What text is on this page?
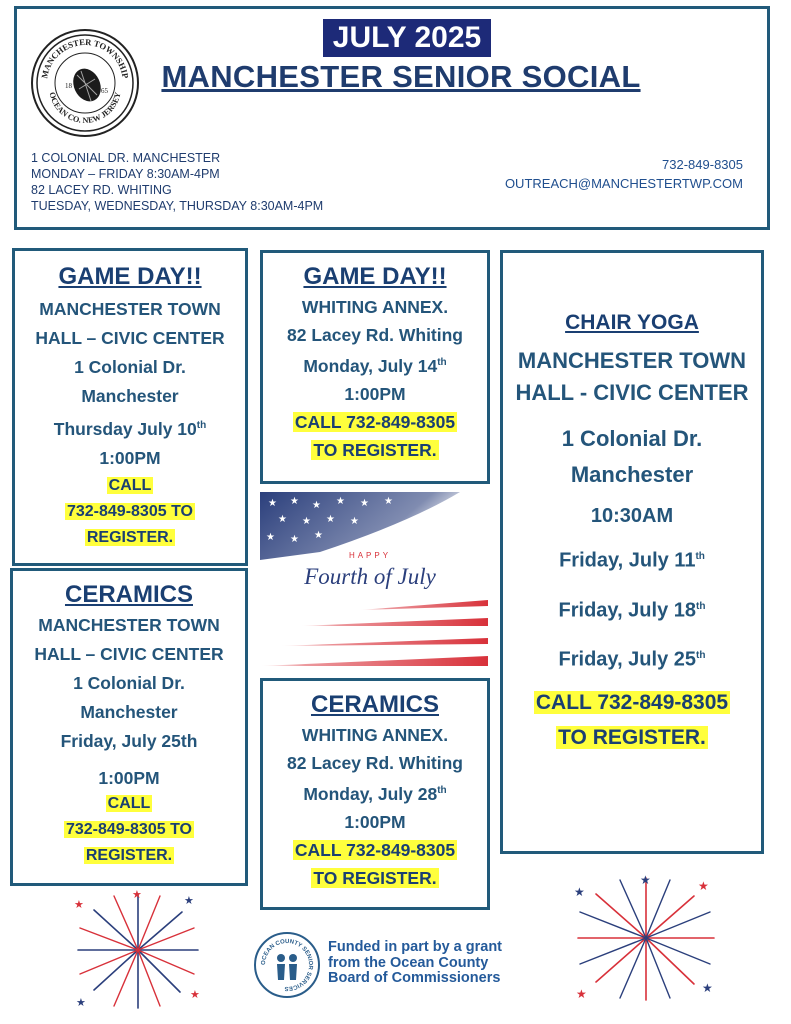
MANCHESTER TOWNSHIP
OCEAN CO. NEW JERSEY
18
65
JULY 2025
MANCHESTER SENIOR SOCIAL
1 COLONIAL DR. MANCHESTER
MONDAY – FRIDAY 8:30AM-4PM
82 LACEY RD. WHITING
TUESDAY, WEDNESDAY, THURSDAY 8:30AM-4PM
732-849-8305
OUTREACH@MANCHESTERTWP.COM
GAME DAY!!
MANCHESTER TOWN
HALL – CIVIC CENTER
1 Colonial Dr.
Manchester
Thursday July 10th
1:00PM
CALL
732-849-8305 TO
REGISTER.
GAME DAY!!
WHITING ANNEX.
82 Lacey Rd. Whiting
Monday, July 14th
1:00PM
CALL 732-849-8305
TO REGISTER.
CHAIR YOGA
MANCHESTER TOWN
HALL - CIVIC CENTER
1 Colonial Dr.
Manchester
10:30AM
Friday, July 11th
Friday, July 18th
Friday, July 25th
CALL 732-849-8305
TO REGISTER.
CERAMICS
MANCHESTER TOWN
HALL – CIVIC CENTER
1 Colonial Dr.
Manchester
Friday, July 25th
1:00PM
CALL
732-849-8305 TO
REGISTER.
CERAMICS
WHITING ANNEX.
82 Lacey Rd. Whiting
Monday, July 28th
1:00PM
CALL 732-849-8305
TO REGISTER.
★ ★ ★ ★ ★ ★
★ ★ ★ ★
★ ★ ★
HAPPY
Fourth of July
★	★
★
★
★	★	★
★
★
★
OCEAN COUNTY SENIOR SERVICES
Funded in part by a grant
from the Ocean County
Board of Commissioners
